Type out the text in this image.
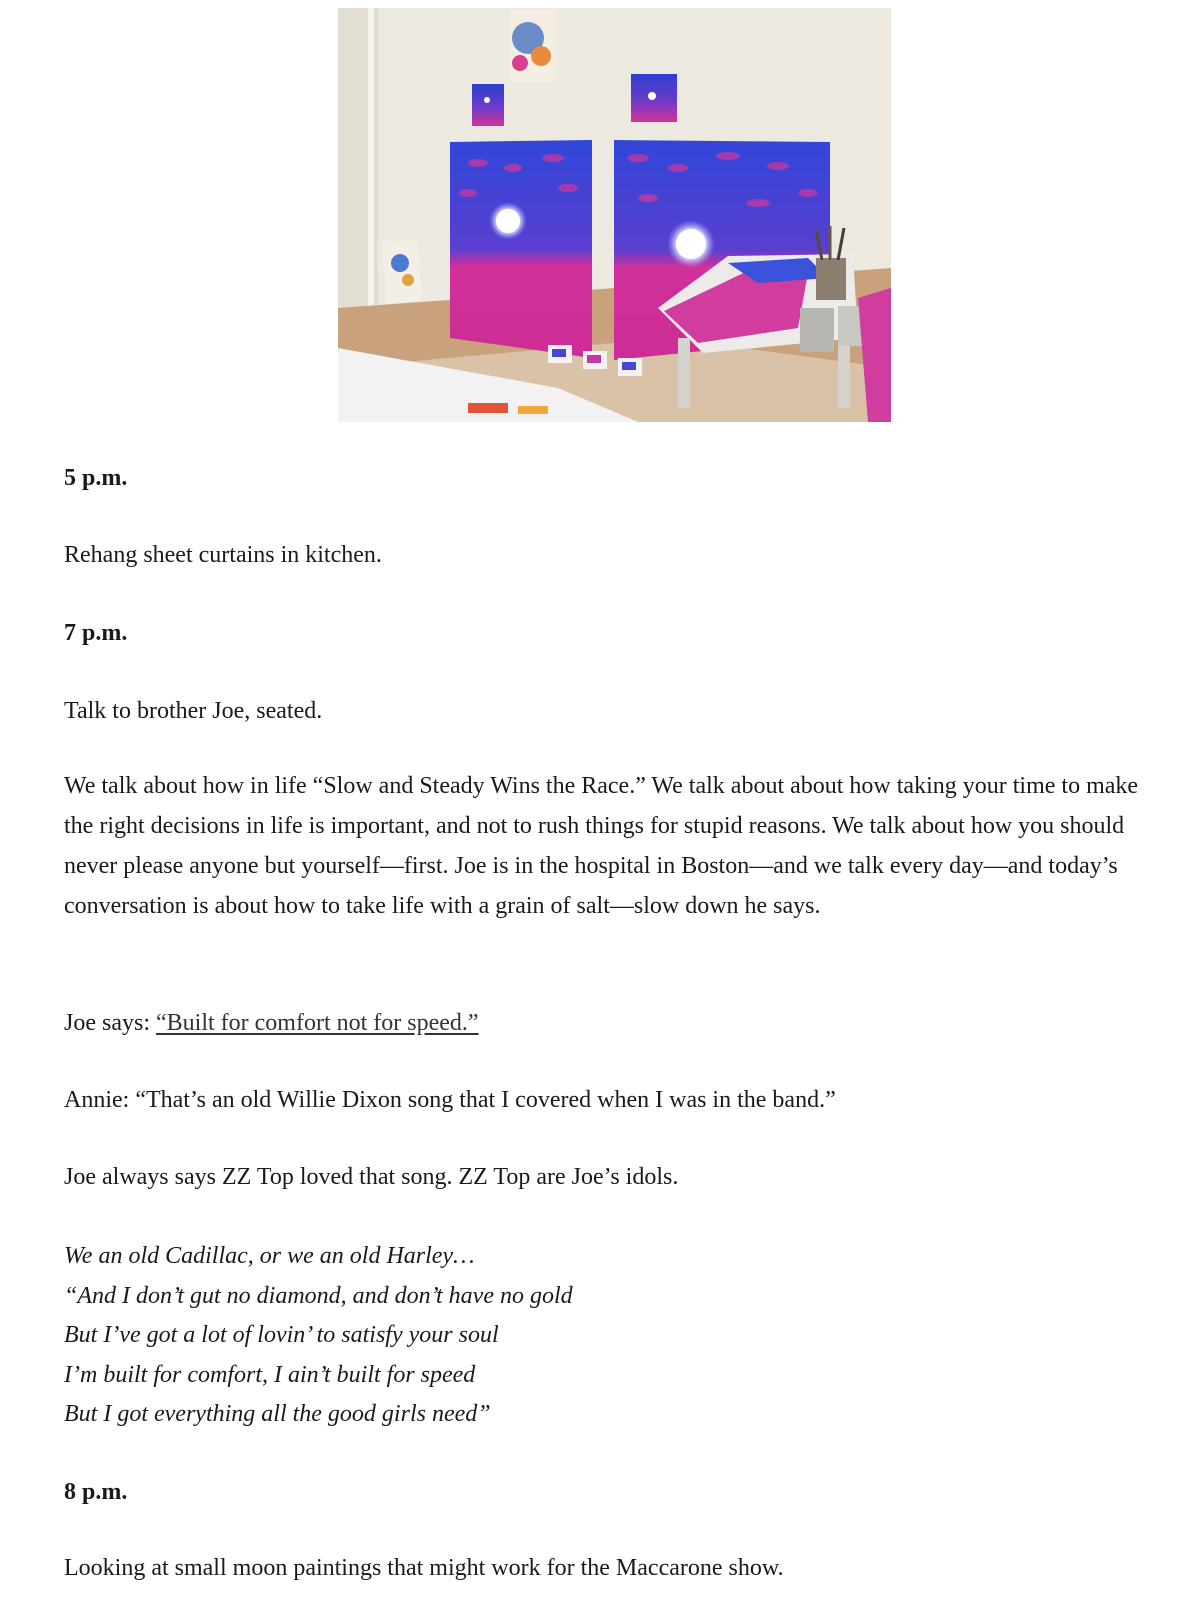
5 p.m.

Rehang sheet curtains in kitchen.

7 p.m.

Talk to brother Joe, seated.

We talk about how in life “Slow and Steady Wins the Race.” We talk about about how taking your time to make the right decisions in life is important, and not to rush things for stupid reasons. We talk about how you should never please anyone but yourself—first. Joe is in the hospital in Boston—and we talk every day—and today’s conversation is about how to take life with a grain of salt—slow down he says.

Joe says: “Built for comfort not for speed.”

Annie: “That’s an old Willie Dixon song that I covered when I was in the band.”

Joe always says ZZ Top loved that song. ZZ Top are Joe’s idols.

We an old Cadillac, or we an old Harley…
“And I don’t gut no diamond, and don’t have no gold
But I’ve got a lot of lovin’ to satisfy your soul
I’m built for comfort, I ain’t built for speed
But I got everything all the good girls need”

8 p.m.

Looking at small moon paintings that might work for the Maccarone show.
